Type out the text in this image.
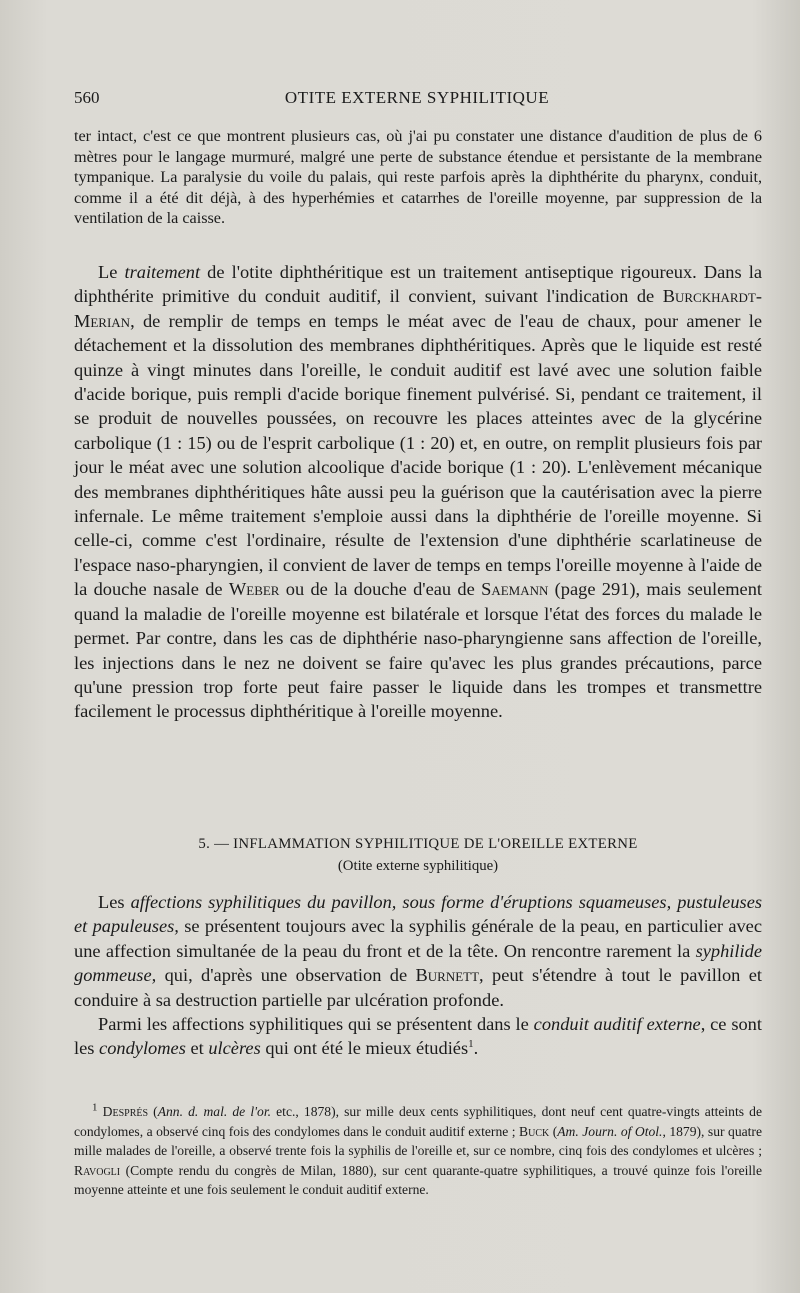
560	OTITE EXTERNE SYPHILITIQUE

ter intact, c'est ce que montrent plusieurs cas, où j'ai pu constater une distance d'audition de plus de 6 mètres pour le langage murmuré, malgré une perte de substance étendue et persistante de la membrane tympanique. La paralysie du voile du palais, qui reste parfois après la diphthérite du pharynx, conduit, comme il a été dit déjà, à des hyperhémies et catarrhes de l'oreille moyenne, par suppression de la ventilation de la caisse.

Le traitement de l'otite diphthéritique est un traitement antiseptique rigoureux. Dans la diphthérite primitive du conduit auditif, il convient, suivant l'indication de Burckhardt-Merian, de remplir de temps en temps le méat avec de l'eau de chaux, pour amener le détachement et la dissolution des membranes diphthéritiques. Après que le liquide est resté quinze à vingt minutes dans l'oreille, le conduit auditif est lavé avec une solution faible d'acide borique, puis rempli d'acide borique finement pulvérisé. Si, pendant ce traitement, il se produit de nouvelles poussées, on recouvre les places atteintes avec de la glycérine carbolique (1 : 15) ou de l'esprit carbolique (1 : 20) et, en outre, on remplit plusieurs fois par jour le méat avec une solution alcoolique d'acide borique (1 : 20). L'enlèvement mécanique des membranes diphthéritiques hâte aussi peu la guérison que la cautérisation avec la pierre infernale. Le même traitement s'emploie aussi dans la diphthérie de l'oreille moyenne. Si celle-ci, comme c'est l'ordinaire, résulte de l'extension d'une diphthérie scarlatineuse de l'espace naso-pharyngien, il convient de laver de temps en temps l'oreille moyenne à l'aide de la douche nasale de Weber ou de la douche d'eau de Saemann (page 291), mais seulement quand la maladie de l'oreille moyenne est bilatérale et lorsque l'état des forces du malade le permet. Par contre, dans les cas de diphthérie naso-pharyngienne sans affection de l'oreille, les injections dans le nez ne doivent se faire qu'avec les plus grandes précautions, parce qu'une pression trop forte peut faire passer le liquide dans les trompes et transmettre facilement le processus diphthéritique à l'oreille moyenne.

5. — INFLAMMATION SYPHILITIQUE DE L'OREILLE EXTERNE
(Otite externe syphilitique)

Les affections syphilitiques du pavillon, sous forme d'éruptions squameuses, pustuleuses et papuleuses, se présentent toujours avec la syphilis générale de la peau, en particulier avec une affection simultanée de la peau du front et de la tête. On rencontre rarement la syphilide gommeuse, qui, d'après une observation de Burnett, peut s'étendre à tout le pavillon et conduire à sa destruction partielle par ulcération profonde.

Parmi les affections syphilitiques qui se présentent dans le conduit auditif externe, ce sont les condylomes et ulcères qui ont été le mieux étudiés$^1$.

$^1$ Després (Ann. d. mal. de l'or. etc., 1878), sur mille deux cents syphilitiques, dont neuf cent quatre-vingts atteints de condylomes, a observé cinq fois des condylomes dans le conduit auditif externe ; Buck (Am. Journ. of Otol., 1879), sur quatre mille malades de l'oreille, a observé trente fois la syphilis de l'oreille et, sur ce nombre, cinq fois des condylomes et ulcères ; Ravogli (Compte rendu du congrès de Milan, 1880), sur cent quarante-quatre syphilitiques, a trouvé quinze fois l'oreille moyenne atteinte et une fois seulement le conduit auditif externe.
